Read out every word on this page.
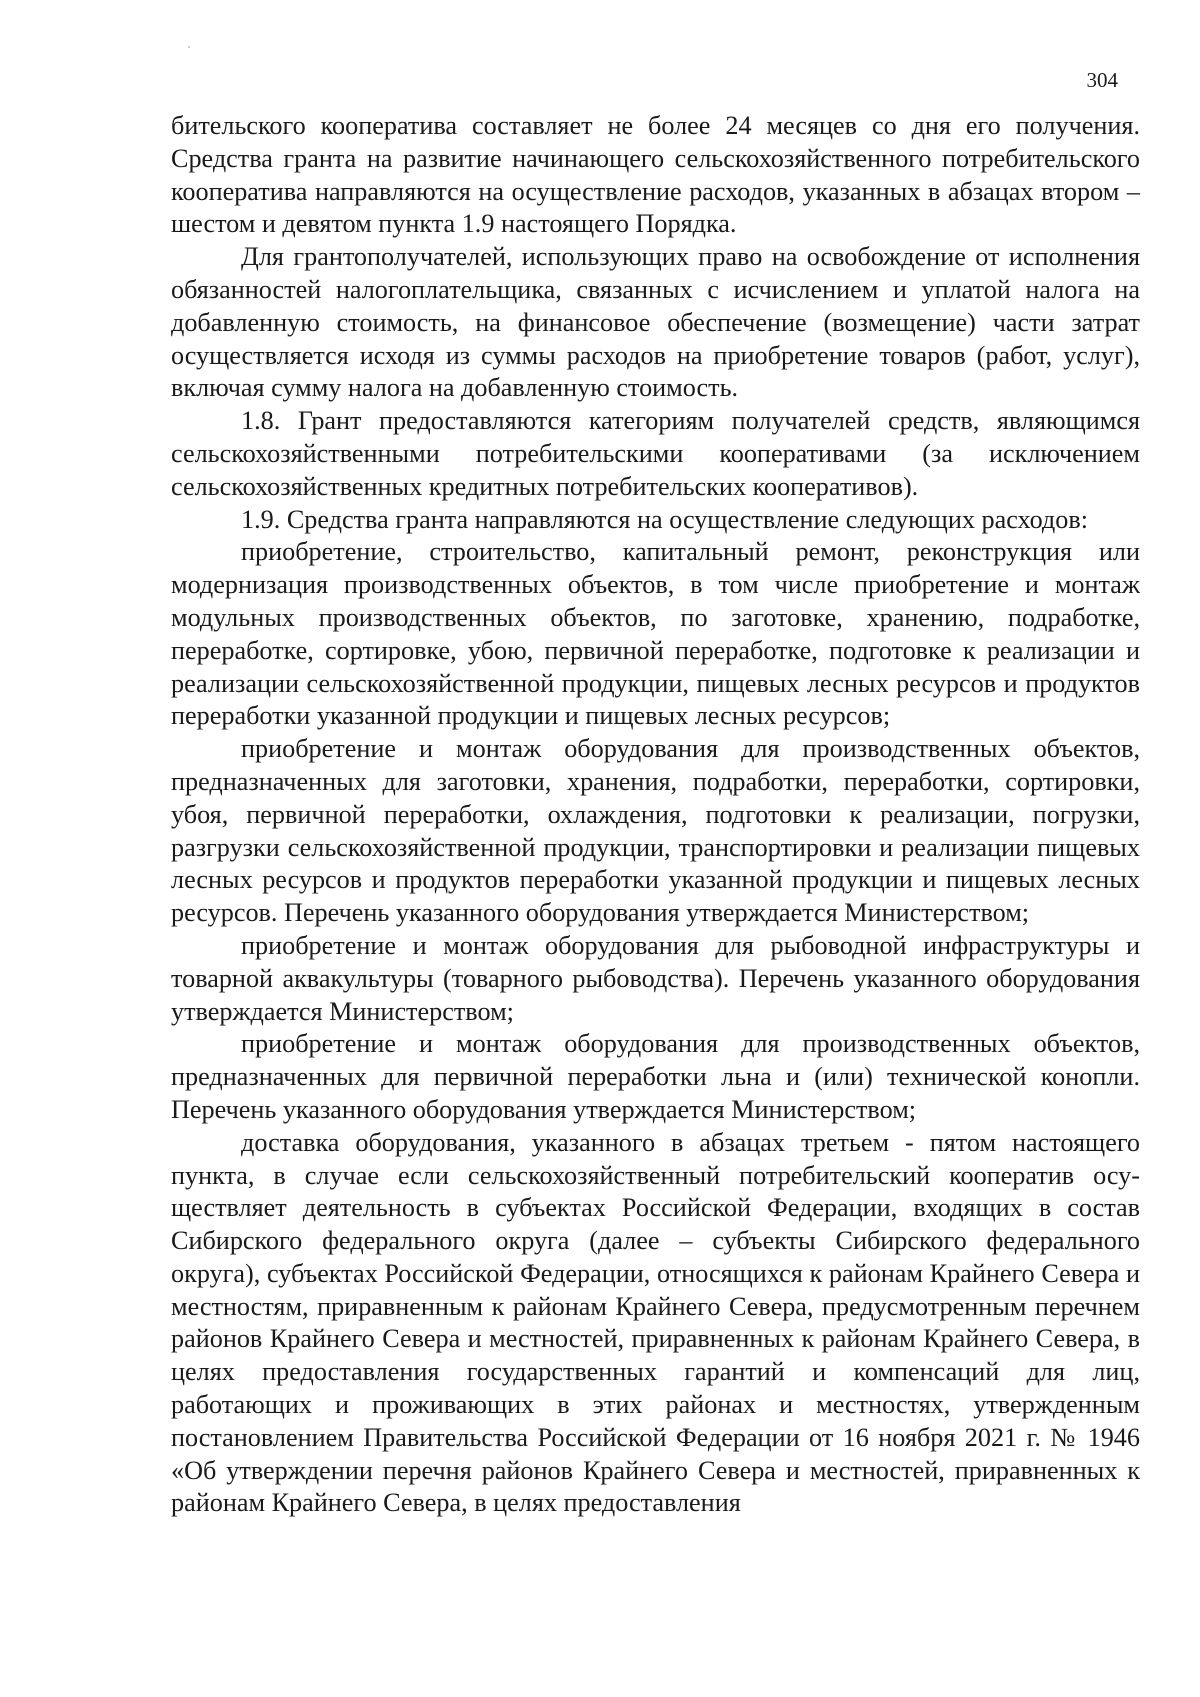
304

бительского кооператива составляет не более 24 месяцев со дня его получения. Средства гранта на развитие начинающего сельскохозяйственного потребительского кооператива направляются на осуществление расходов, указанных в абзацах втором – шестом и девятом пункта 1.9 настоящего Порядка.

Для грантополучателей, использующих право на освобождение от исполнения обязанностей налогоплательщика, связанных с исчислением и уплатой налога на добавленную стоимость, на финансовое обеспечение (возмещение) части затрат осуществляется исходя из суммы расходов на приобретение товаров (работ, услуг), включая сумму налога на добавленную стоимость.

1.8. Грант предоставляются категориям получателей средств, являющимся сельскохозяйственными потребительскими кооперативами (за исключением сельскохозяйственных кредитных потребительских кооперативов).

1.9. Средства гранта направляются на осуществление следующих расходов:

приобретение, строительство, капитальный ремонт, реконструкция или модернизация производственных объектов, в том числе приобретение и монтаж модульных производственных объектов, по заготовке, хранению, подработке, переработке, сортировке, убою, первичной переработке, подготовке к реализации и реализации сельскохозяйственной продукции, пищевых лесных ресурсов и продуктов переработки указанной продукции и пищевых лесных ресурсов;

приобретение и монтаж оборудования для производственных объектов, предназначенных для заготовки, хранения, подработки, переработки, сортировки, убоя, первичной переработки, охлаждения, подготовки к реализации, погрузки, разгрузки сельскохозяйственной продукции, транспортировки и реализации пищевых лесных ресурсов и продуктов переработки указанной продукции и пищевых лесных ресурсов. Перечень указанного оборудования утверждается Министерством;

приобретение и монтаж оборудования для рыбоводной инфраструктуры и товарной аквакультуры (товарного рыбоводства). Перечень указанного оборудования утверждается Министерством;

приобретение и монтаж оборудования для производственных объектов, предназначенных для первичной переработки льна и (или) технической конопли. Перечень указанного оборудования утверждается Министерством;

доставка оборудования, указанного в абзацах третьем - пятом настоящего пункта, в случае если сельскохозяйственный потребительский кооператив осуществляет деятельность в субъектах Российской Федерации, входящих в состав Сибирского федерального округа (далее – субъекты Сибирского федерального округа), субъектах Российской Федерации, относящихся к районам Крайнего Севера и местностям, приравненным к районам Крайнего Севера, предусмотренным перечнем районов Крайнего Севера и местностей, приравненных к районам Крайнего Севера, в целях предоставления государственных гарантий и компенсаций для лиц, работающих и проживающих в этих районах и местностях, утвержденным постановлением Правительства Российской Федерации от 16 ноября 2021 г. № 1946 «Об утверждении перечня районов Крайнего Севера и местностей, приравненных к районам Крайнего Севера, в целях предоставления
